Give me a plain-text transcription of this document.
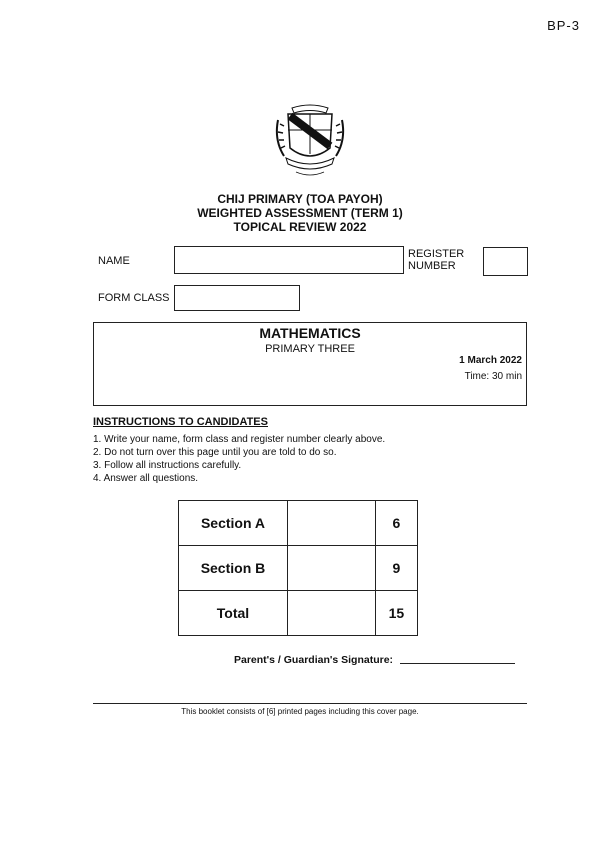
BP-3
CHIJ PRIMARY (TOA PAYOH)
WEIGHTED ASSESSMENT (TERM 1)
TOPICAL REVIEW 2022
NAME
REGISTER
NUMBER
FORM CLASS
MATHEMATICS
PRIMARY THREE
1 March 2022
Time: 30 min
INSTRUCTIONS TO CANDIDATES
1. Write your name, form class and register number clearly above.
2. Do not turn over this page until you are told to do so.
3. Follow all instructions carefully.
4. Answer all questions.
Section A		6
Section B		9
Total		15
Parent's / Guardian's Signature:
This booklet consists of [6] printed pages including this cover page.
